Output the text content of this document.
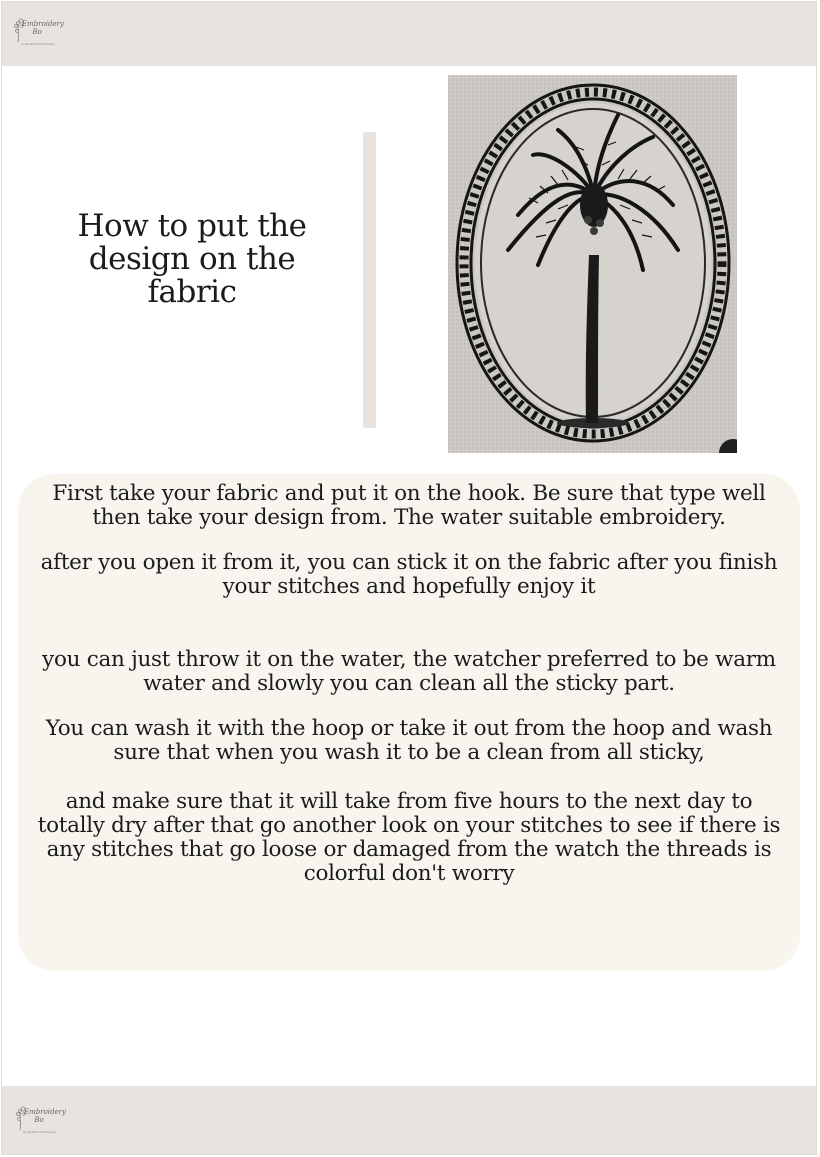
Embroidery
Bo
by Bushra Embroidery
How to put the design on the fabric

First take your fabric and put it on the hook. Be sure that type well then take your design from. The water suitable embroidery.

after you open it from it, you can stick it on the fabric after you finish your stitches and hopefully enjoy it

you can just throw it on the water, the watcher preferred to be warm water and slowly you can clean all the sticky part.

You can wash it with the hoop or take it out from the hoop and wash sure that when you wash it to be a clean from all sticky,

and make sure that it will take from five hours to the next day to totally dry after that go another look on your stitches to see if there is any stitches that go loose or damaged from the watch the threads is colorful don't worry

Embroidery
Bo
by Bushra Embroidery
